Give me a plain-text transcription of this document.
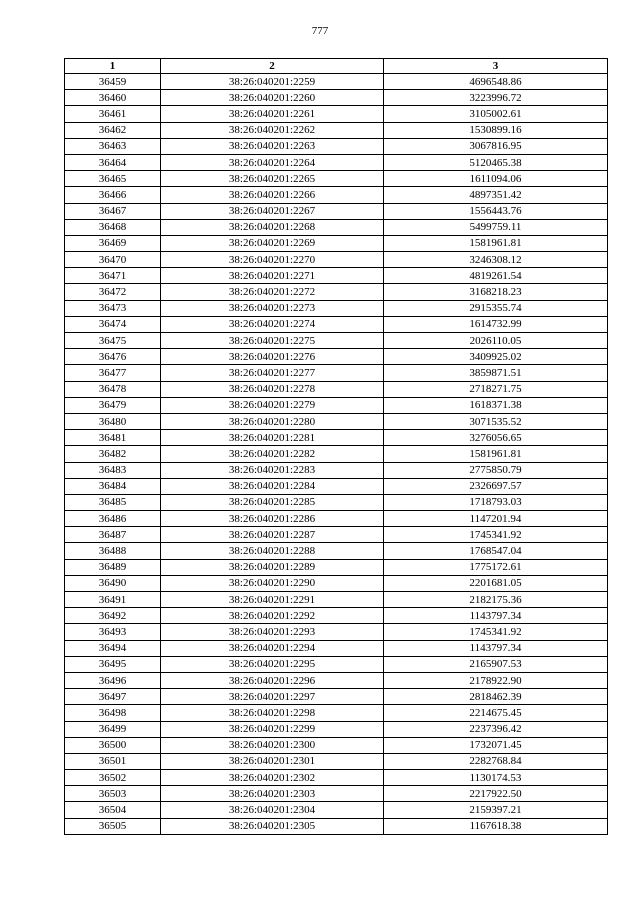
777
1	2	3
36459	38:26:040201:2259	4696548.86
36460	38:26:040201:2260	3223996.72
36461	38:26:040201:2261	3105002.61
36462	38:26:040201:2262	1530899.16
36463	38:26:040201:2263	3067816.95
36464	38:26:040201:2264	5120465.38
36465	38:26:040201:2265	1611094.06
36466	38:26:040201:2266	4897351.42
36467	38:26:040201:2267	1556443.76
36468	38:26:040201:2268	5499759.11
36469	38:26:040201:2269	1581961.81
36470	38:26:040201:2270	3246308.12
36471	38:26:040201:2271	4819261.54
36472	38:26:040201:2272	3168218.23
36473	38:26:040201:2273	2915355.74
36474	38:26:040201:2274	1614732.99
36475	38:26:040201:2275	2026110.05
36476	38:26:040201:2276	3409925.02
36477	38:26:040201:2277	3859871.51
36478	38:26:040201:2278	2718271.75
36479	38:26:040201:2279	1618371.38
36480	38:26:040201:2280	3071535.52
36481	38:26:040201:2281	3276056.65
36482	38:26:040201:2282	1581961.81
36483	38:26:040201:2283	2775850.79
36484	38:26:040201:2284	2326697.57
36485	38:26:040201:2285	1718793.03
36486	38:26:040201:2286	1147201.94
36487	38:26:040201:2287	1745341.92
36488	38:26:040201:2288	1768547.04
36489	38:26:040201:2289	1775172.61
36490	38:26:040201:2290	2201681.05
36491	38:26:040201:2291	2182175.36
36492	38:26:040201:2292	1143797.34
36493	38:26:040201:2293	1745341.92
36494	38:26:040201:2294	1143797.34
36495	38:26:040201:2295	2165907.53
36496	38:26:040201:2296	2178922.90
36497	38:26:040201:2297	2818462.39
36498	38:26:040201:2298	2214675.45
36499	38:26:040201:2299	2237396.42
36500	38:26:040201:2300	1732071.45
36501	38:26:040201:2301	2282768.84
36502	38:26:040201:2302	1130174.53
36503	38:26:040201:2303	2217922.50
36504	38:26:040201:2304	2159397.21
36505	38:26:040201:2305	1167618.38
